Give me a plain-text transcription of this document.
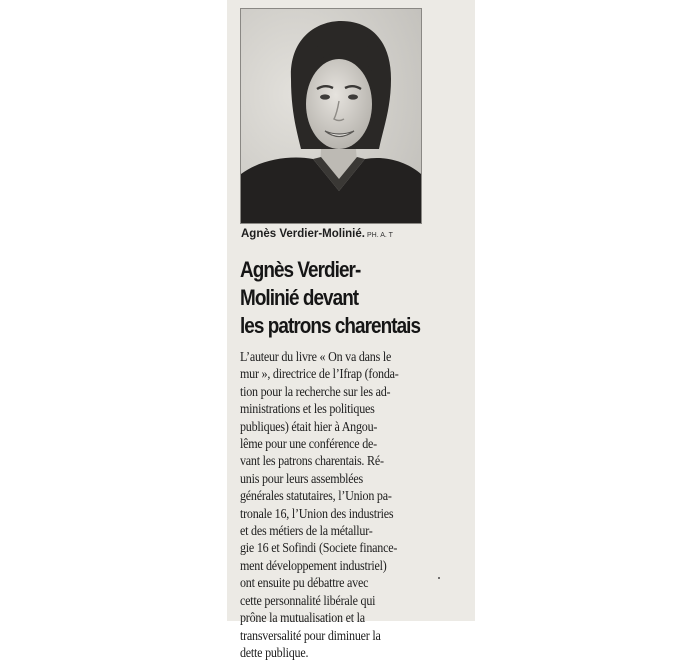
Agnès Verdier-Molinié. PH. A. T
Agnès Verdier-
Molinié devant
les patrons charentais
L’auteur du livre « On va dans le
mur », directrice de l’Ifrap (fonda-
tion pour la recherche sur les ad-
ministrations et les politiques
publiques) était hier à Angou-
lême pour une conférence de-
vant les patrons charentais. Ré-
unis pour leurs assemblées
générales statutaires, l’Union pa-
tronale 16, l’Union des industries
et des métiers de la métallur-
gie 16 et Sofindi (Societe finance-
ment développement industriel)
ont ensuite pu débattre avec
cette personnalité libérale qui
prône la mutualisation et la
transversalité pour diminuer la
dette publique.
